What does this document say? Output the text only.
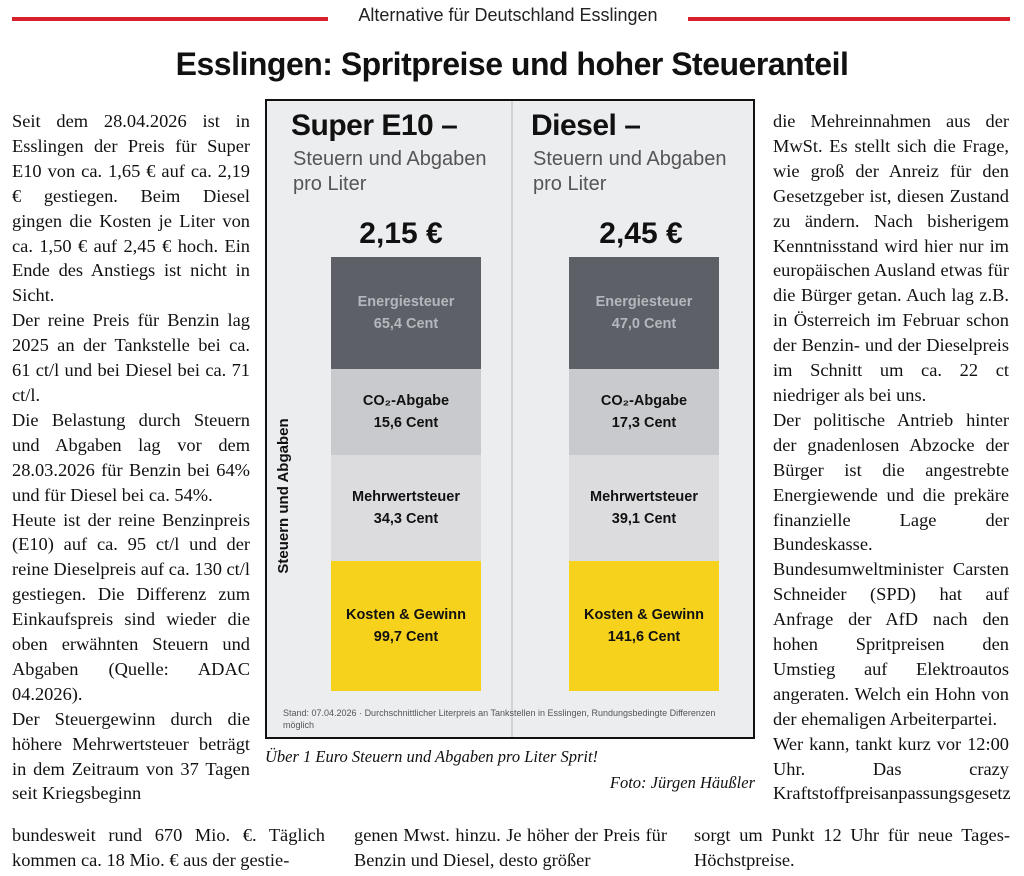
Alternative für Deutschland Esslingen
Esslingen: Spritpreise und hoher Steueranteil

Seit dem 28.04.2026 ist in Esslingen der Preis für Super E10 von ca. 1,65 € auf ca. 2,19 € gestiegen. Beim Diesel gingen die Kosten je Liter von ca. 1,50 € auf 2,45 € hoch. Ein Ende des Anstiegs ist nicht in Sicht.

Der reine Preis für Benzin lag 2025 an der Tankstelle bei ca. 61 ct/l und bei Diesel bei ca. 71 ct/l.

Die Belastung durch Steuern und Abgaben lag vor dem 28.03.2026 für Benzin bei 64% und für Diesel bei ca. 54%.

Heute ist der reine Benzinpreis (E10) auf ca. 95 ct/l und der reine Dieselpreis auf ca. 130 ct/l gestiegen. Die Differenz zum Einkaufspreis sind wieder die oben erwähnten Steuern und Abgaben (Quelle: ADAC 04.2026).

Der Steuergewinn durch die höhere Mehrwertsteuer beträgt in dem Zeitraum von 37 Tagen seit Kriegsbeginn

die Mehreinnahmen aus der MwSt. Es stellt sich die Frage, wie groß der Anreiz für den Gesetzgeber ist, diesen Zustand zu ändern. Nach bisherigem Kenntnisstand wird hier nur im europäischen Ausland etwas für die Bürger getan. Auch lag z.B. in Österreich im Februar schon der Benzin- und der Dieselpreis im Schnitt um ca. 22 ct niedriger als bei uns.

Der politische Antrieb hinter der gnadenlosen Abzocke der Bürger ist die angestrebte Energiewende und die prekäre finanzielle Lage der Bundeskasse. Bundesumweltminister Carsten Schneider (SPD) hat auf Anfrage der AfD nach den hohen Spritpreisen den Umstieg auf Elektroautos angeraten. Welch ein Hohn von der ehemaligen Arbeiterpartei.

Wer kann, tankt kurz vor 12:00 Uhr. Das crazy Kraftstoffpreisanpassungsgesetz

bundesweit rund 670 Mio. €. Täglich kommen ca. 18 Mio. € aus der gestie-
genen Mwst. hinzu. Je höher der Preis für Benzin und Diesel, desto größer
sorgt um Punkt 12 Uhr für neue Tages-Höchstpreise.
Super E10 –
Steuern und Abgaben pro Liter
2,15 €
Diesel –
Steuern und Abgaben pro Liter
2,45 €
Steuern und Abgaben
Stand: 07.04.2026 · Durchschnittlicher Literpreis an Tankstellen in Esslingen, Rundungsbedingte Differenzen möglich
Energiesteuer
65,4 Cent
CO₂-Abgabe
15,6 Cent
Mehrwertsteuer
34,3 Cent
Kosten & Gewinn
99,7 Cent
Energiesteuer
47,0 Cent
CO₂-Abgabe
17,3 Cent
Mehrwertsteuer
39,1 Cent
Kosten & Gewinn
141,6 Cent
Über 1 Euro Steuern und Abgaben pro Liter Sprit!
Foto: Jürgen Häußler
